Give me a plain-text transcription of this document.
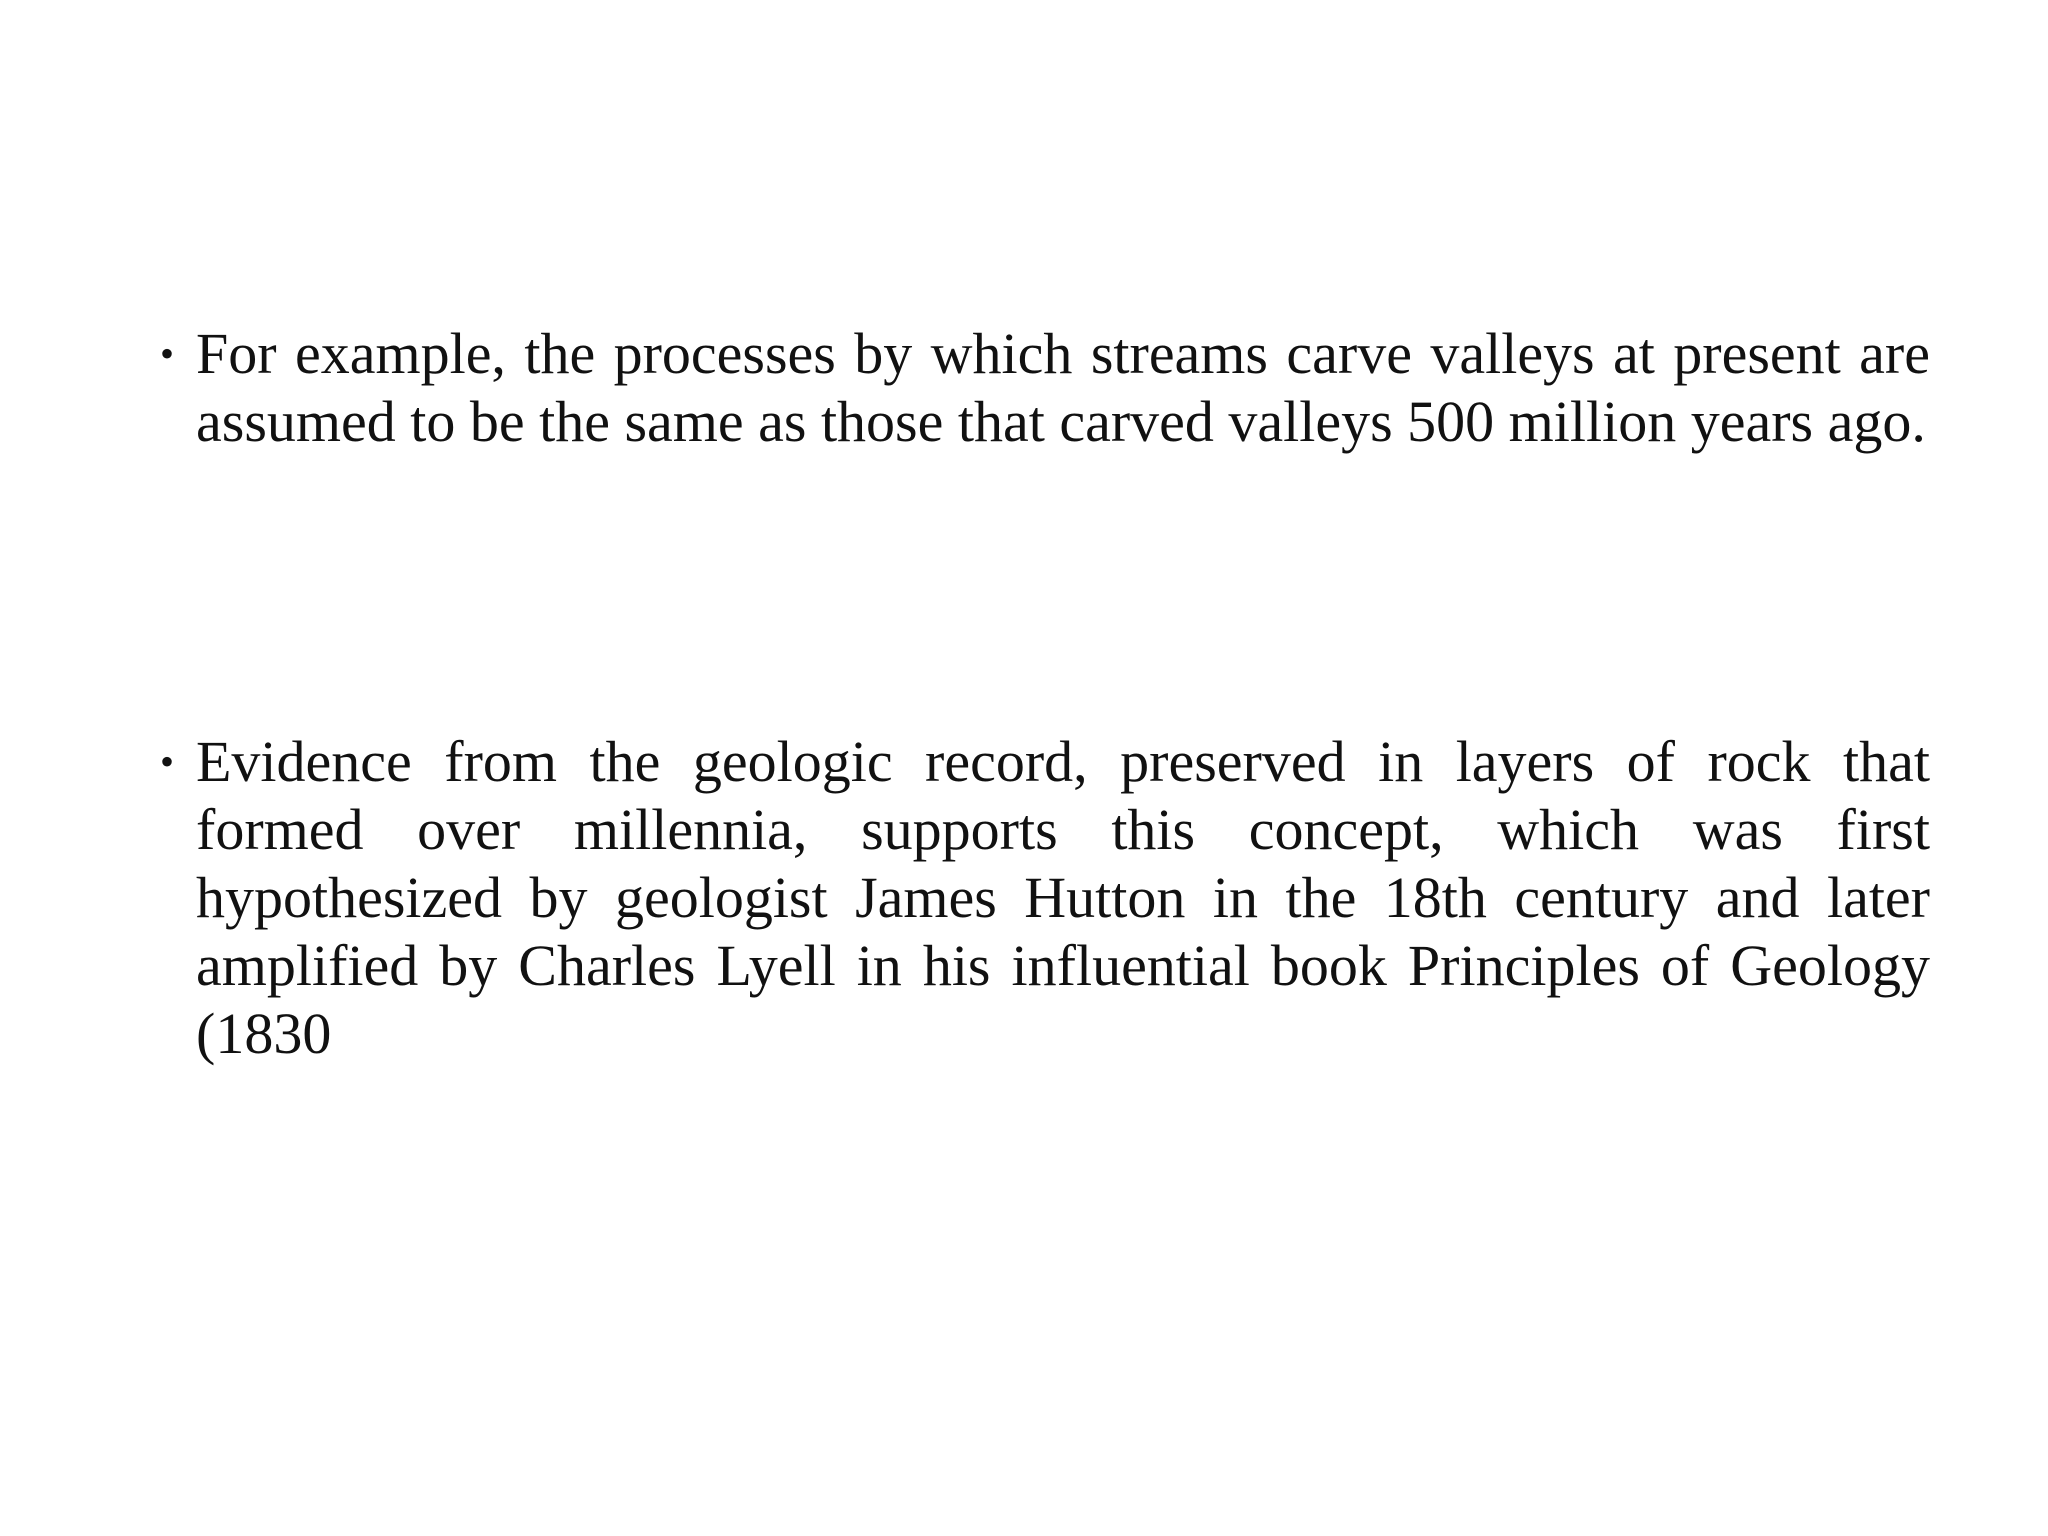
• For example, the processes by which streams carve valleys at present are assumed to be the same as those that carved valleys 500 million years ago.
• Evidence from the geologic record, preserved in layers of rock that formed over millennia, supports this concept, which was first hypothesized by geologist James Hutton in the 18th century and later amplified by Charles Lyell in his influential book Principles of Geology (1830
